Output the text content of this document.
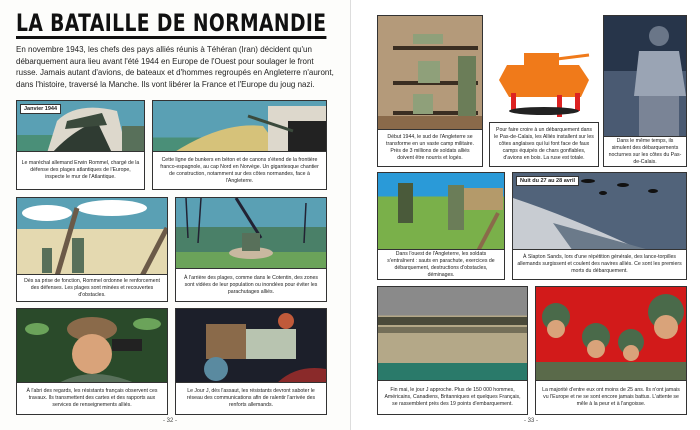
LA BATAILLE DE NORMANDIE
En novembre 1943, les chefs des pays alliés réunis à Téhéran (Iran) décident qu'un débarquement aura lieu avant l'été 1944 en Europe de l'Ouest pour soulager le front russe. Jamais autant d'avions, de bateaux et d'hommes regroupés en Angleterre n'auront, dans l'histoire, traversé la Manche. Ils vont libérer la France et l'Europe du joug nazi.
Janvier 1944
Le maréchal allemand Erwin Rommel, chargé de la défense des plages atlantiques de l'Europe, inspecte le mur de l'Atlantique.
Cette ligne de bunkers en béton et de canons s'étend de la frontière franco-espagnole, au cap Nord en Norvège. Un gigantesque chantier de construction, notamment sur des côtes normandes, face à l'Angleterre.
Dès sa prise de fonction, Rommel ordonne le renforcement des défenses. Les plages sont minées et recouvertes d'obstacles.
À l'arrière des plages, comme dans le Cotentin, des zones sont vidées de leur population ou inondées pour éviter les parachutages alliés.
À l'abri des regards, les résistants français observent ces travaux. Ils transmettent des cartes et des rapports aux services de renseignements alliés.
Le Jour J, dès l'assaut, les résistants devront saboter le réseau des communications afin de ralentir l'arrivée des renforts allemands.
- 32 -
Début 1944, le sud de l'Angleterre se transforme en un vaste camp militaire. Près de 3 millions de soldats alliés doivent être nourris et logés.
Pour faire croire à un débarquement dans le Pas-de-Calais, les Alliés installent sur les côtes anglaises qui lui font face de faux camps équipés de chars gonflables, d'avions en bois. La ruse est totale.
Dans le même temps, ils simulent des débarquements nocturnes sur les côtes du Pas-de-Calais.
Dans l'ouest de l'Angleterre, les soldats s'entraînent : sauts en parachute, exercices de débarquement, destructions d'obstacles, déminages.
Nuit du 27 au 28 avril
À Slapton Sands, lors d'une répétition générale, des lance-torpilles allemands surgissent et coulent des navires alliés. Ce sont les premiers morts du débarquement.
Fin mai, le jour J approche. Plus de 150 000 hommes, Américains, Canadiens, Britanniques et quelques Français, se rassemblent près des 19 points d'embarquement.
La majorité d'entre eux ont moins de 25 ans. Ils n'ont jamais vu l'Europe et ne se sont encore jamais battus. L'attente se mêle à la peur et à l'angoisse.
- 33 -
